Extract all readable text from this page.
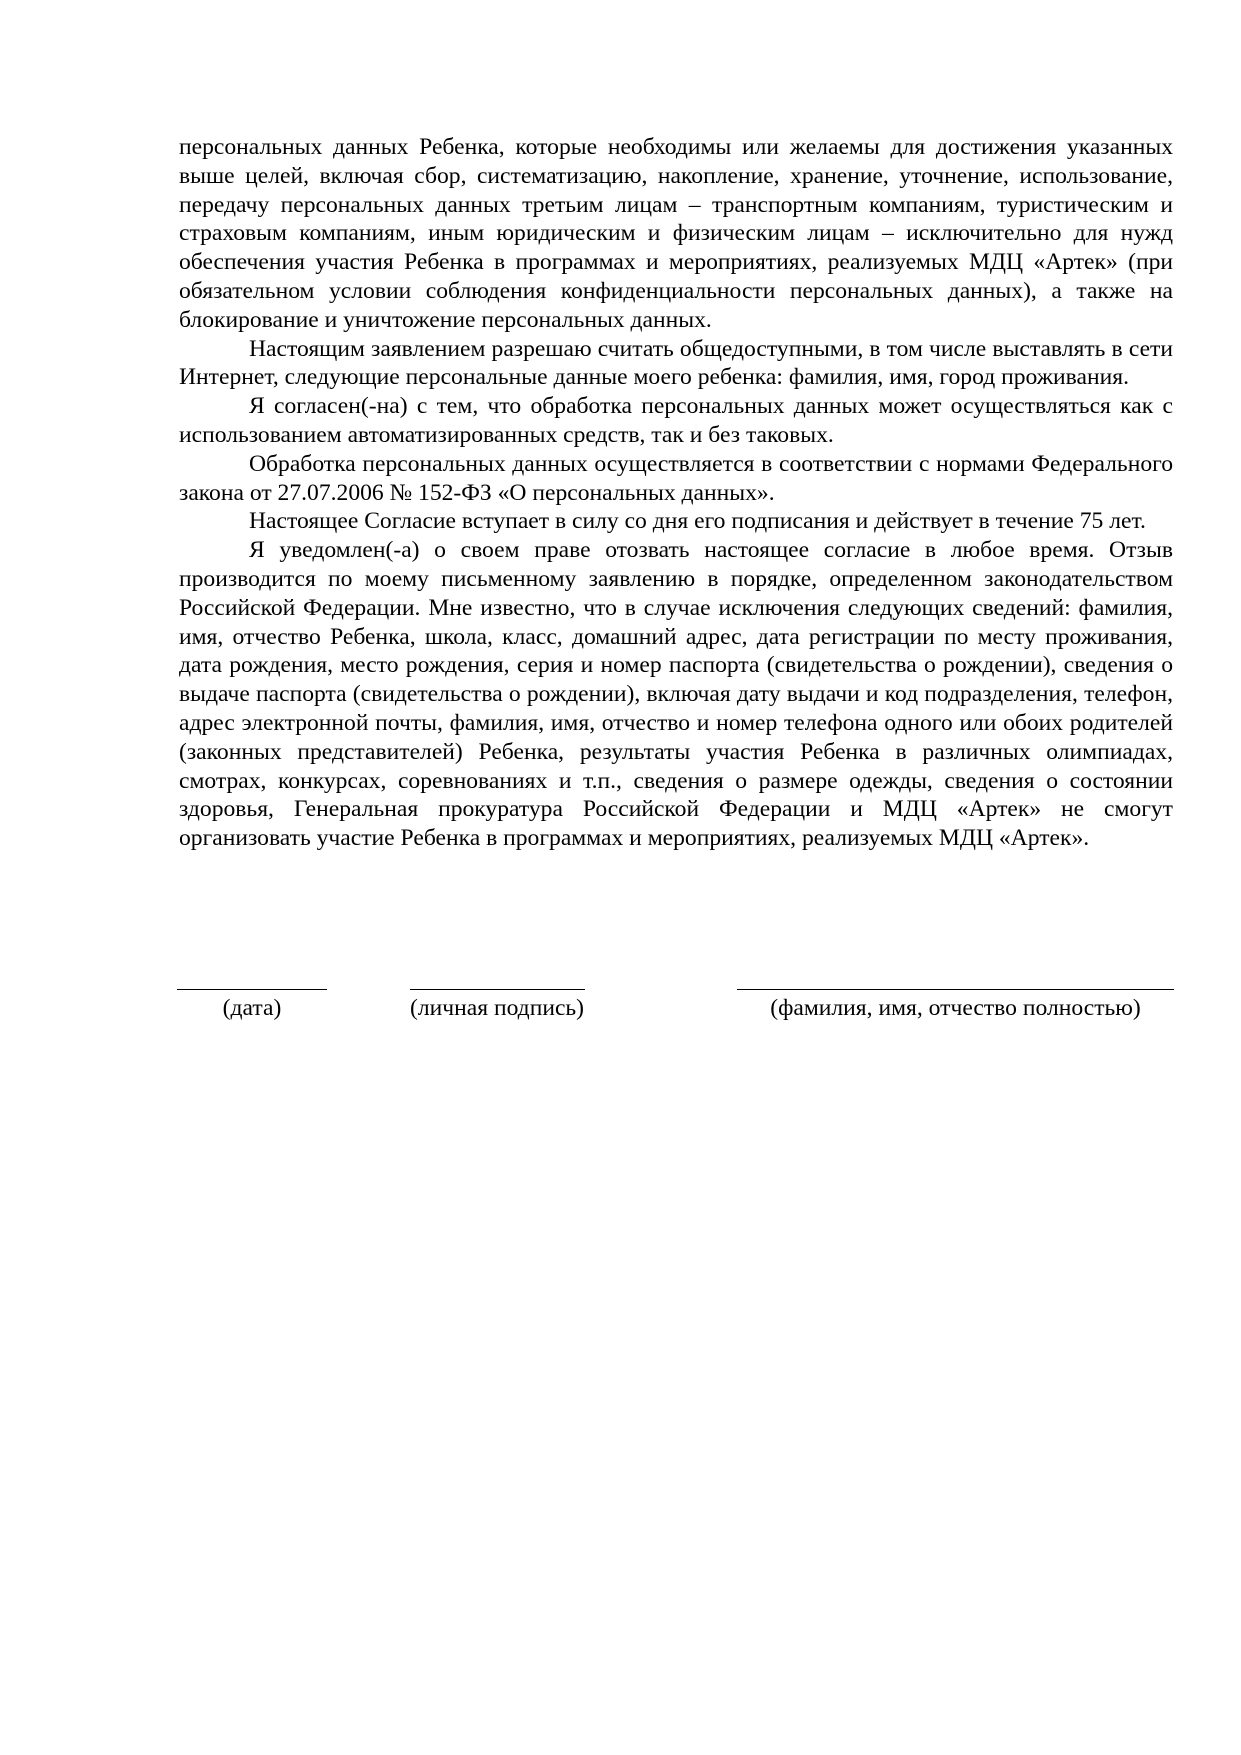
персональных данных Ребенка, которые необходимы или желаемы для достижения указанных выше целей, включая сбор, систематизацию, накопление, хранение, уточнение, использование, передачу персональных данных третьим лицам – транспортным компаниям, туристическим и страховым компаниям, иным юридическим и физическим лицам – исключительно для нужд обеспечения участия Ребенка в программах и мероприятиях, реализуемых МДЦ «Артек» (при обязательном условии соблюдения конфиденциальности персональных данных), а также на блокирование и уничтожение персональных данных.

Настоящим заявлением разрешаю считать общедоступными, в том числе выставлять в сети Интернет, следующие персональные данные моего ребенка: фамилия, имя, город проживания.

Я согласен(-на) с тем, что обработка персональных данных может осуществляться как с использованием автоматизированных средств, так и без таковых.

Обработка персональных данных осуществляется в соответствии с нормами Федерального закона от 27.07.2006 № 152-ФЗ «О персональных данных».

Настоящее Согласие вступает в силу со дня его подписания и действует в течение 75 лет.

Я уведомлен(-а) о своем праве отозвать настоящее согласие в любое время. Отзыв производится по моему письменному заявлению в порядке, определенном законодательством Российской Федерации. Мне известно, что в случае исключения следующих сведений: фамилия, имя, отчество Ребенка, школа, класс, домашний адрес, дата регистрации по месту проживания, дата рождения, место рождения, серия и номер паспорта (свидетельства о рождении), сведения о выдаче паспорта (свидетельства о рождении), включая дату выдачи и код подразделения, телефон, адрес электронной почты, фамилия, имя, отчество и номер телефона одного или обоих родителей (законных представителей) Ребенка, результаты участия Ребенка в различных олимпиадах, смотрах, конкурсах, соревнованиях и т.п., сведения о размере одежды, сведения о состоянии здоровья, Генеральная прокуратура Российской Федерации и МДЦ «Артек» не смогут организовать участие Ребенка в программах и мероприятиях, реализуемых МДЦ «Артек».

(дата)	(личная подпись)	(фамилия, имя, отчество полностью)
